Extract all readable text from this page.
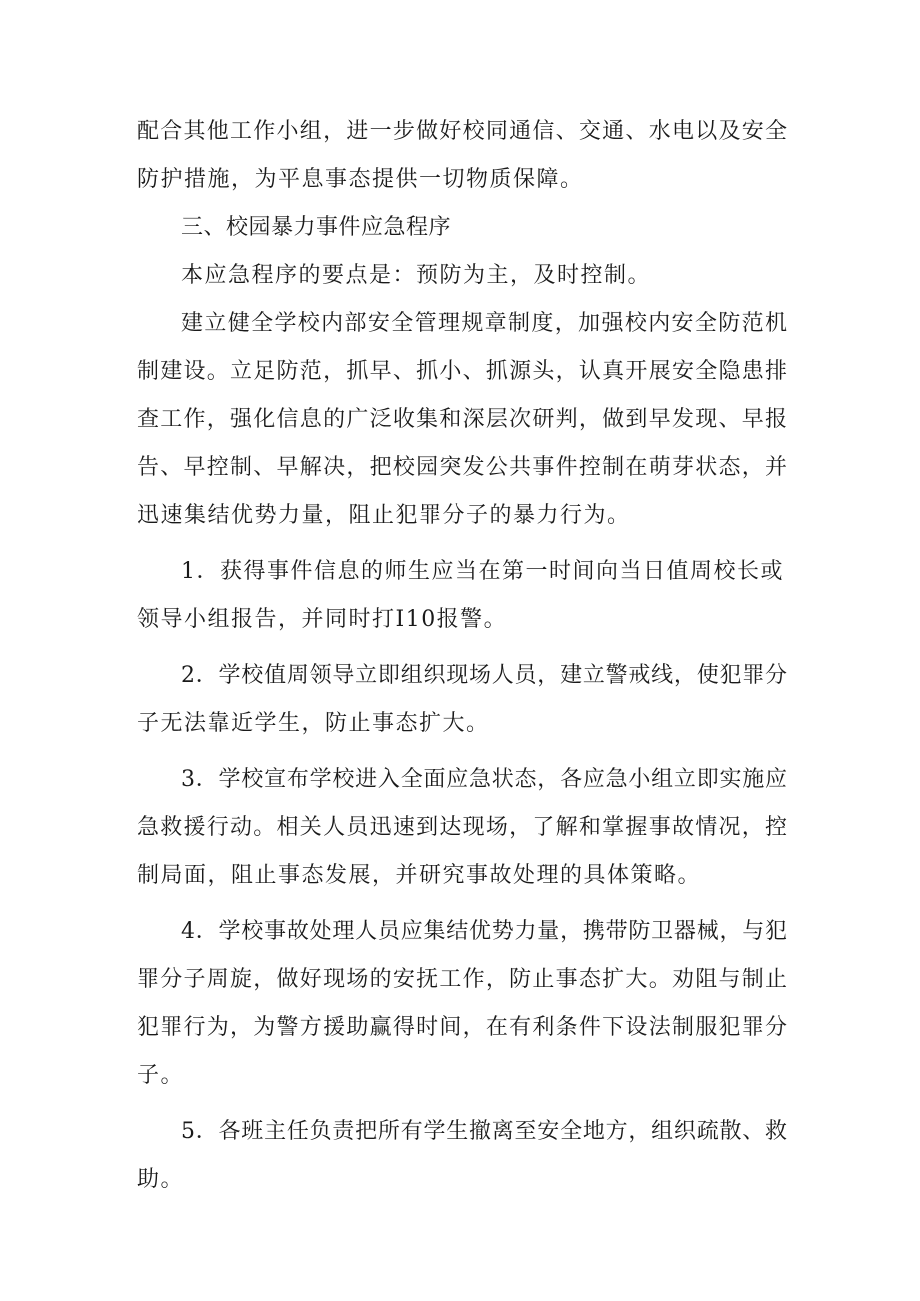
配合其他工作小组，进一步做好校同通信、交通、水电以及安全
防护措施，为平息事态提供一切物质保障。
三、校园暴力事件应急程序
本应急程序的要点是：预防为主，及时控制。
建立健全学校内部安全管理规章制度，加强校内安全防范机
制建设。立足防范，抓早、抓小、抓源头，认真开展安全隐患排
查工作，强化信息的广泛收集和深层次研判，做到早发现、早报
告、早控制、早解决，把校园突发公共事件控制在萌芽状态，并
迅速集结优势力量，阻止犯罪分子的暴力行为。
1．获得事件信息的师生应当在第一时间向当日值周校长或
领导小组报告，并同时打I10报警。
2．学校值周领导立即组织现场人员，建立警戒线，使犯罪分
子无法靠近学生，防止事态扩大。
3．学校宣布学校进入全面应急状态，各应急小组立即实施应
急救援行动。相关人员迅速到达现场，了解和掌握事故情况，控
制局面，阻止事态发展，并研究事故处理的具体策略。
4．学校事故处理人员应集结优势力量，携带防卫器械，与犯
罪分子周旋，做好现场的安抚工作，防止事态扩大。劝阻与制止
犯罪行为，为警方援助赢得时间，在有利条件下设法制服犯罪分
子。
5．各班主任负责把所有学生撤离至安全地方，组织疏散、救
助。
